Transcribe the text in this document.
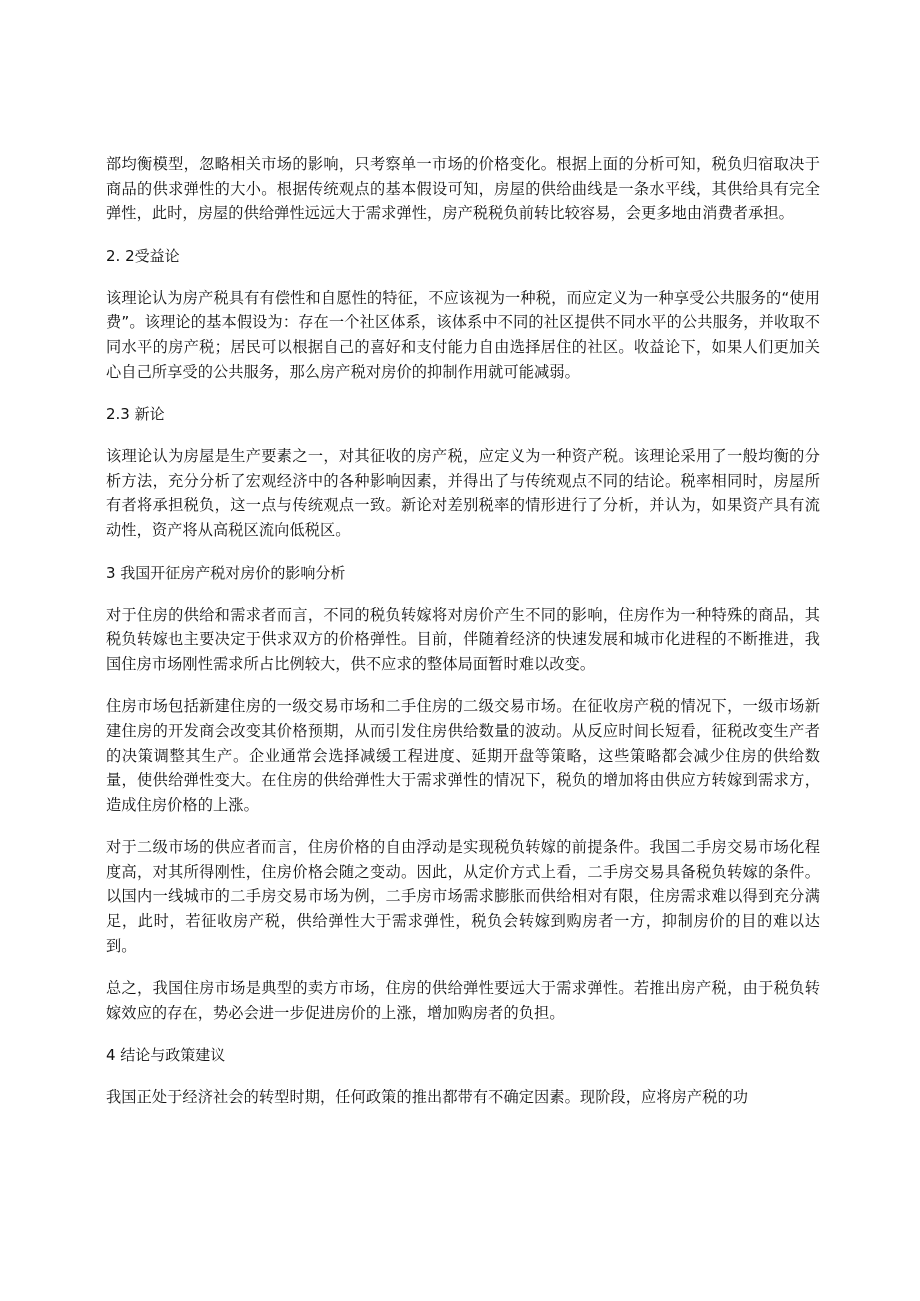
部均衡模型，忽略相关市场的影响，只考察单一市场的价格变化。根据上面的分析可知，税负归宿取决于商品的供求弹性的大小。根据传统观点的基本假设可知，房屋的供给曲线是一条水平线，其供给具有完全弹性，此时，房屋的供给弹性远远大于需求弹性，房产税税负前转比较容易，会更多地由消费者承担。

2. 2受益论

该理论认为房产税具有有偿性和自愿性的特征，不应该视为一种税，而应定义为一种享受公共服务的“使用费”。该理论的基本假设为：存在一个社区体系，该体系中不同的社区提供不同水平的公共服务，并收取不同水平的房产税；居民可以根据自己的喜好和支付能力自由选择居住的社区。收益论下，如果人们更加关心自己所享受的公共服务，那么房产税对房价的抑制作用就可能减弱。

2.3 新论

该理论认为房屋是生产要素之一，对其征收的房产税，应定义为一种资产税。该理论采用了一般均衡的分析方法，充分分析了宏观经济中的各种影响因素，并得出了与传统观点不同的结论。税率相同时，房屋所有者将承担税负，这一点与传统观点一致。新论对差别税率的情形进行了分析，并认为，如果资产具有流动性，资产将从高税区流向低税区。

3 我国开征房产税对房价的影响分析

对于住房的供给和需求者而言，不同的税负转嫁将对房价产生不同的影响，住房作为一种特殊的商品，其税负转嫁也主要决定于供求双方的价格弹性。目前，伴随着经济的快速发展和城市化进程的不断推进，我国住房市场刚性需求所占比例较大，供不应求的整体局面暂时难以改变。

住房市场包括新建住房的一级交易市场和二手住房的二级交易市场。在征收房产税的情况下，一级市场新建住房的开发商会改变其价格预期，从而引发住房供给数量的波动。从反应时间长短看，征税改变生产者的决策调整其生产。企业通常会选择减缓工程进度、延期开盘等策略，这些策略都会减少住房的供给数量，使供给弹性变大。在住房的供给弹性大于需求弹性的情况下，税负的增加将由供应方转嫁到需求方，造成住房价格的上涨。

对于二级市场的供应者而言，住房价格的自由浮动是实现税负转嫁的前提条件。我国二手房交易市场化程度高，对其所得刚性，住房价格会随之变动。因此，从定价方式上看，二手房交易具备税负转嫁的条件。以国内一线城市的二手房交易市场为例，二手房市场需求膨胀而供给相对有限，住房需求难以得到充分满足，此时，若征收房产税，供给弹性大于需求弹性，税负会转嫁到购房者一方，抑制房价的目的难以达到。

总之，我国住房市场是典型的卖方市场，住房的供给弹性要远大于需求弹性。若推出房产税，由于税负转嫁效应的存在，势必会进一步促进房价的上涨，增加购房者的负担。

4 结论与政策建议

我国正处于经济社会的转型时期，任何政策的推出都带有不确定因素。现阶段，应将房产税的功
